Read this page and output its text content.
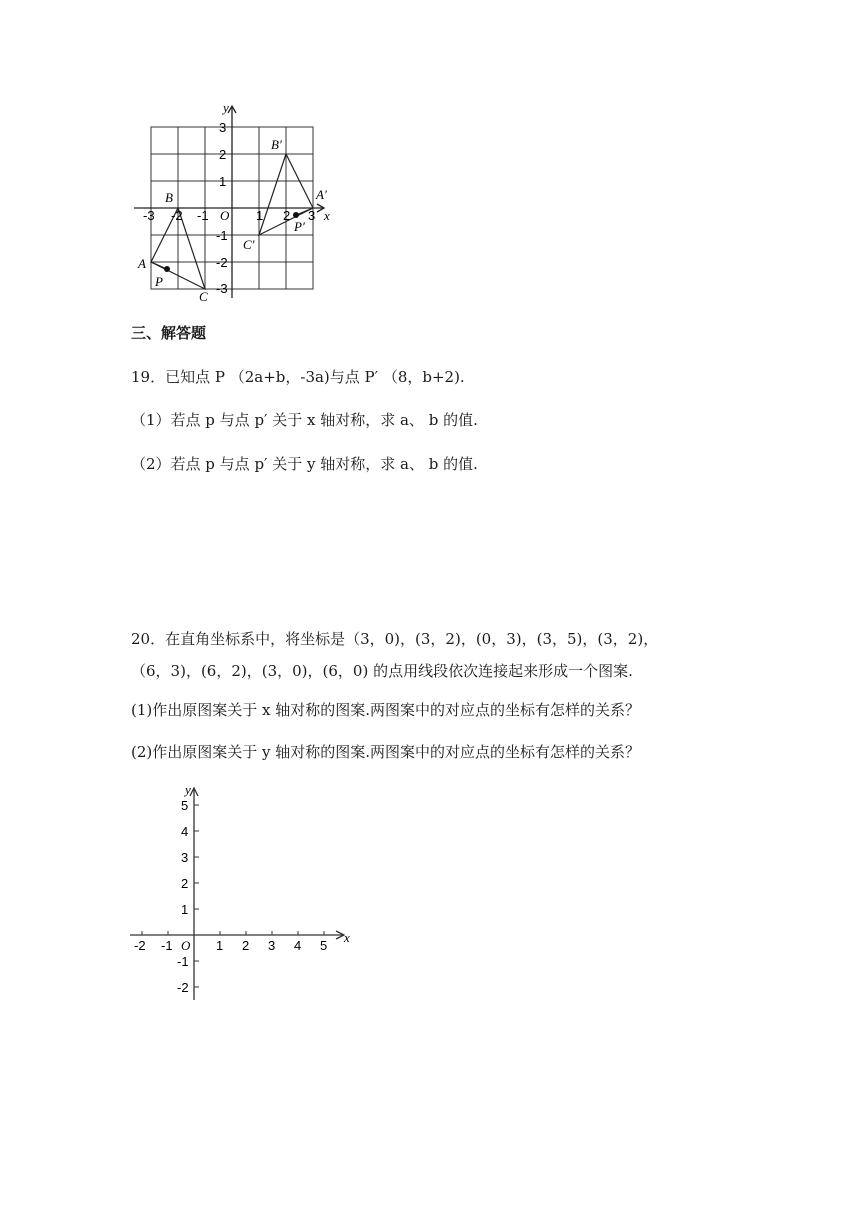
-3 -2 -1	1 2 3
3
2
1
-1
-2
-3
O	x
y
B
A
P
C
B′
A′
P′
C′
三、解答题
19．已知点 P （2a+b，-3a)与点 P′ （8，b+2).
（1）若点 p 与点 p′ 关于 x 轴对称，求 a、 b 的值.
（2）若点 p 与点 p′ 关于 y 轴对称，求 a、 b 的值.
20．在直角坐标系中，将坐标是（3，0)，(3，2)，(0，3)，(3，5)，(3，2)，
（6，3)，(6，2)，(3，0)，(6，0) 的点用线段依次连接起来形成一个图案.
(1)作出原图案关于 x 轴对称的图案.两图案中的对应点的坐标有怎样的关系？
(2)作出原图案关于 y 轴对称的图案.两图案中的对应点的坐标有怎样的关系？
-2 -1	1 2 3 4 5
5
4
3
2
1
-1
-2
O
x
y
